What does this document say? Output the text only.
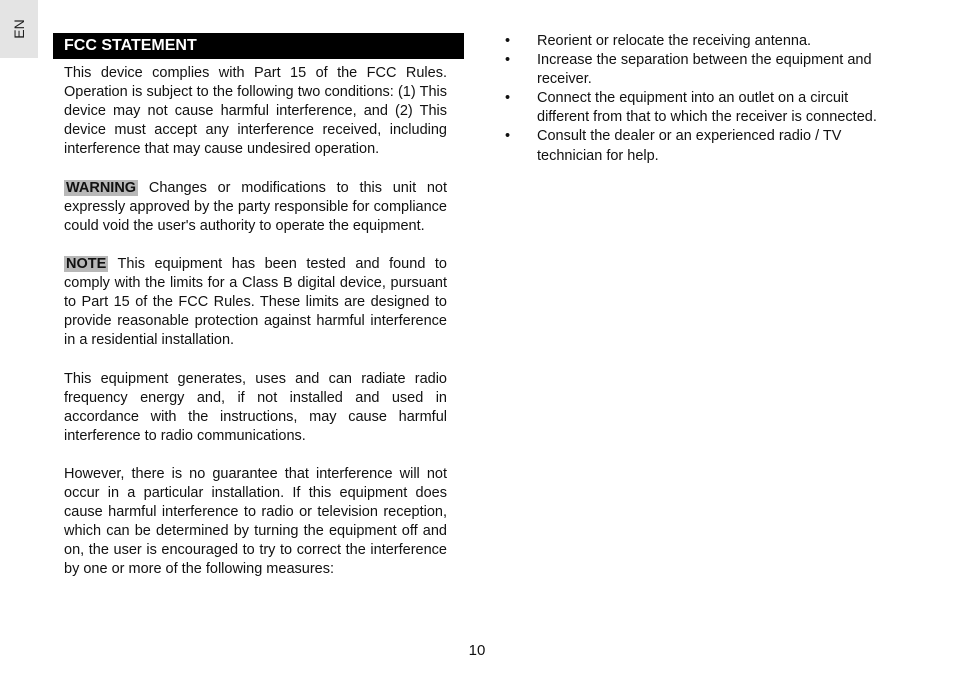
EN
FCC STATEMENT

This device complies with Part 15 of the FCC Rules. Operation is subject to the following two conditions: (1) This device may not cause harmful interference, and (2) This device must accept any interference received, including interference that may cause undesired operation.

WARNING Changes or modifications to this unit not expressly approved by the party responsible for compliance could void the user's authority to operate the equipment.

NOTE This equipment has been tested and found to comply with the limits for a Class B digital device, pursuant to Part 15 of the FCC Rules. These limits are designed to provide reasonable protection against harmful interference in a residential installation.

This equipment generates, uses and can radiate radio frequency energy and, if not installed and used in accordance with the instructions, may cause harmful interference to radio communications.

However, there is no guarantee that interference will not occur in a particular installation. If this equipment does cause harmful interference to radio or television reception, which can be determined by turning the equipment off and on, the user is encouraged to try to correct the interference by one or more of the following measures:

• Reorient or relocate the receiving antenna.
• Increase the separation between the equipment and receiver.
• Connect the equipment into an outlet on a circuit different from that to which the receiver is connected.
• Consult the dealer or an experienced radio / TV technician for help.
10
